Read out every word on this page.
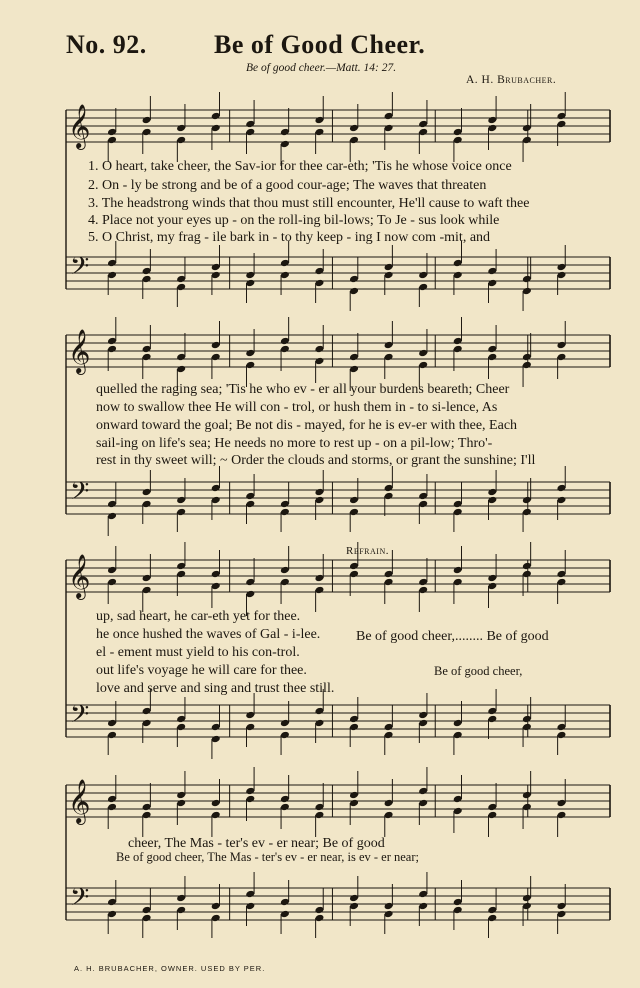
No. 92.	Be of Good Cheer.
Be of good cheer.—Matt. 14: 27.
A. H. Brubacher.
𝄞
𝄢
𝄞
𝄢
𝄞
𝄢
𝄞
𝄢
1. O heart, take cheer, the Sav-ior for thee car-eth; 'Tis he whose voice once
2. On - ly be strong and be of a good cour-age; The waves that threaten
3. The headstrong winds that thou must still encounter, He'll cause to waft thee
4. Place not your eyes up - on the roll-ing bil-lows; To Je - sus look while
5. O Christ, my frag - ile bark in - to thy keep - ing I now com -mit, and
quelled the raging sea; 'Tis he who ev - er all your burdens beareth; Cheer
now to swallow thee He will con - trol, or hush them in - to si-lence, As
onward toward the goal; Be not dis - mayed, for he is ev-er with thee, Each
sail-ing on life's sea; He needs no more to rest up - on a pil-low; Thro'-
rest in thy sweet will; ~ Order the clouds and storms, or grant the sunshine; I'll
Refrain.
up, sad heart, he car-eth yet for thee.
he once hushed the waves of Gal - i-lee.
el - ement must yield to his con-trol.
out life's voyage he will care for thee.
love and serve and sing and trust thee still.
Be of good cheer,........ Be of good
Be of good cheer,
cheer, The Mas - ter's ev - er near; Be of good
Be of good cheer, The Mas - ter's ev - er near, is ev - er near;
A. H. BRUBACHER, OWNER. USED BY PER.
